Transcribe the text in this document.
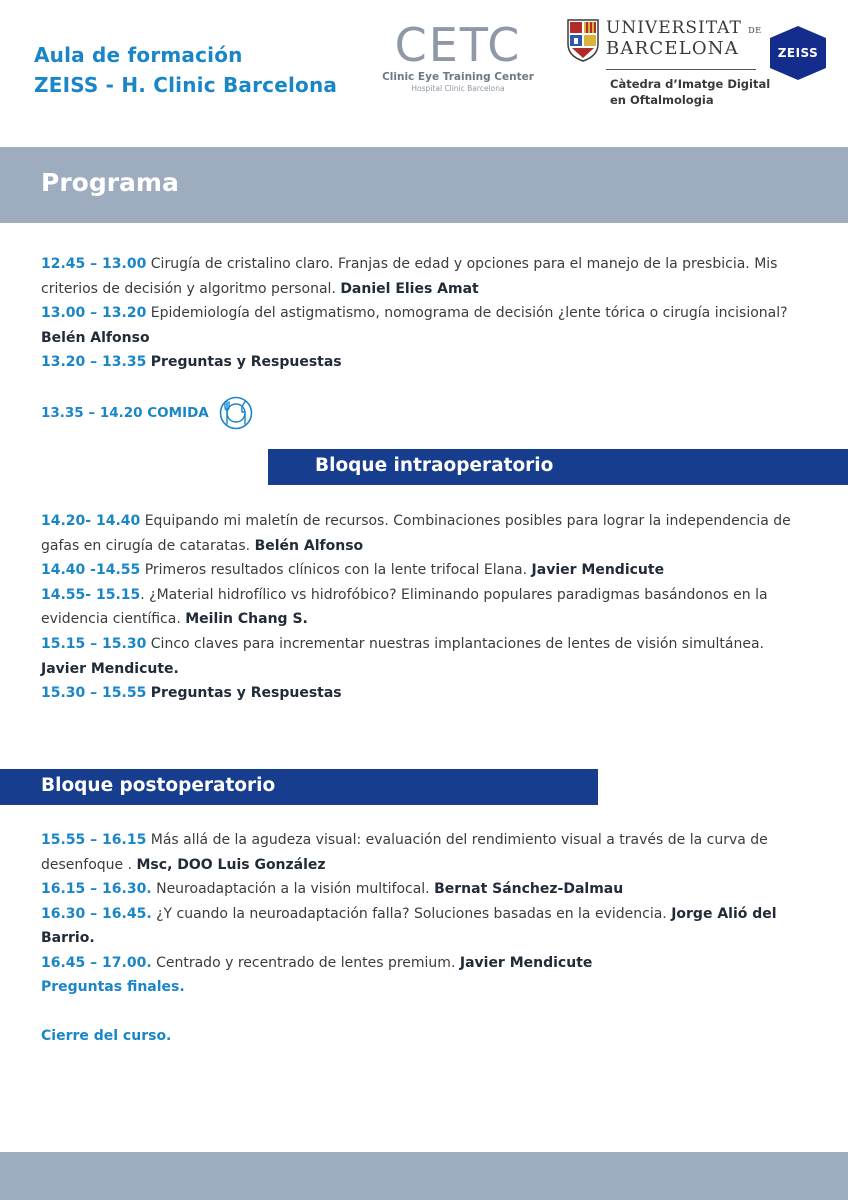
Aula de formación
ZEISS - H. Clinic Barcelona
CETC
Clinic Eye Training Center
Hospital Clinic Barcelona
UNIVERSITAT DE
BARCELONA
Càtedra d’Imatge Digital
en Oftalmologia
ZEISS
Programa
12.45 – 13.00 Cirugía de cristalino claro. Franjas de edad y opciones para el manejo de la presbicia. Mis criterios de decisión y algoritmo personal. Daniel Elies Amat
13.00 – 13.20 Epidemiología del astigmatismo, nomograma de decisión ¿lente tórica o cirugía incisional? Belén Alfonso
13.20 – 13.35 Preguntas y Respuestas
13.35 – 14.20 COMIDA
Bloque intraoperatorio
14.20- 14.40 Equipando mi maletín de recursos. Combinaciones posibles para lograr la independencia de gafas en cirugía de cataratas. Belén Alfonso
14.40 -14.55 Primeros resultados clínicos con la lente trifocal Elana. Javier Mendicute
14.55- 15.15. ¿Material hidrofílico vs hidrofóbico? Eliminando populares paradigmas basándonos en la evidencia científica. Meilin Chang S.
15.15 – 15.30 Cinco claves para incrementar nuestras implantaciones de lentes de visión simultánea. Javier Mendicute.
15.30 – 15.55 Preguntas y Respuestas
Bloque postoperatorio
15.55 – 16.15 Más allá de la agudeza visual: evaluación del rendimiento visual a través de la curva de desenfoque . Msc, DOO Luis González
16.15 – 16.30. Neuroadaptación a la visión multifocal. Bernat Sánchez-Dalmau
16.30 – 16.45. ¿Y cuando la neuroadaptación falla? Soluciones basadas en la evidencia. Jorge Alió del Barrio.
16.45 – 17.00. Centrado y recentrado de lentes premium. Javier Mendicute
Preguntas finales.
Cierre del curso.
